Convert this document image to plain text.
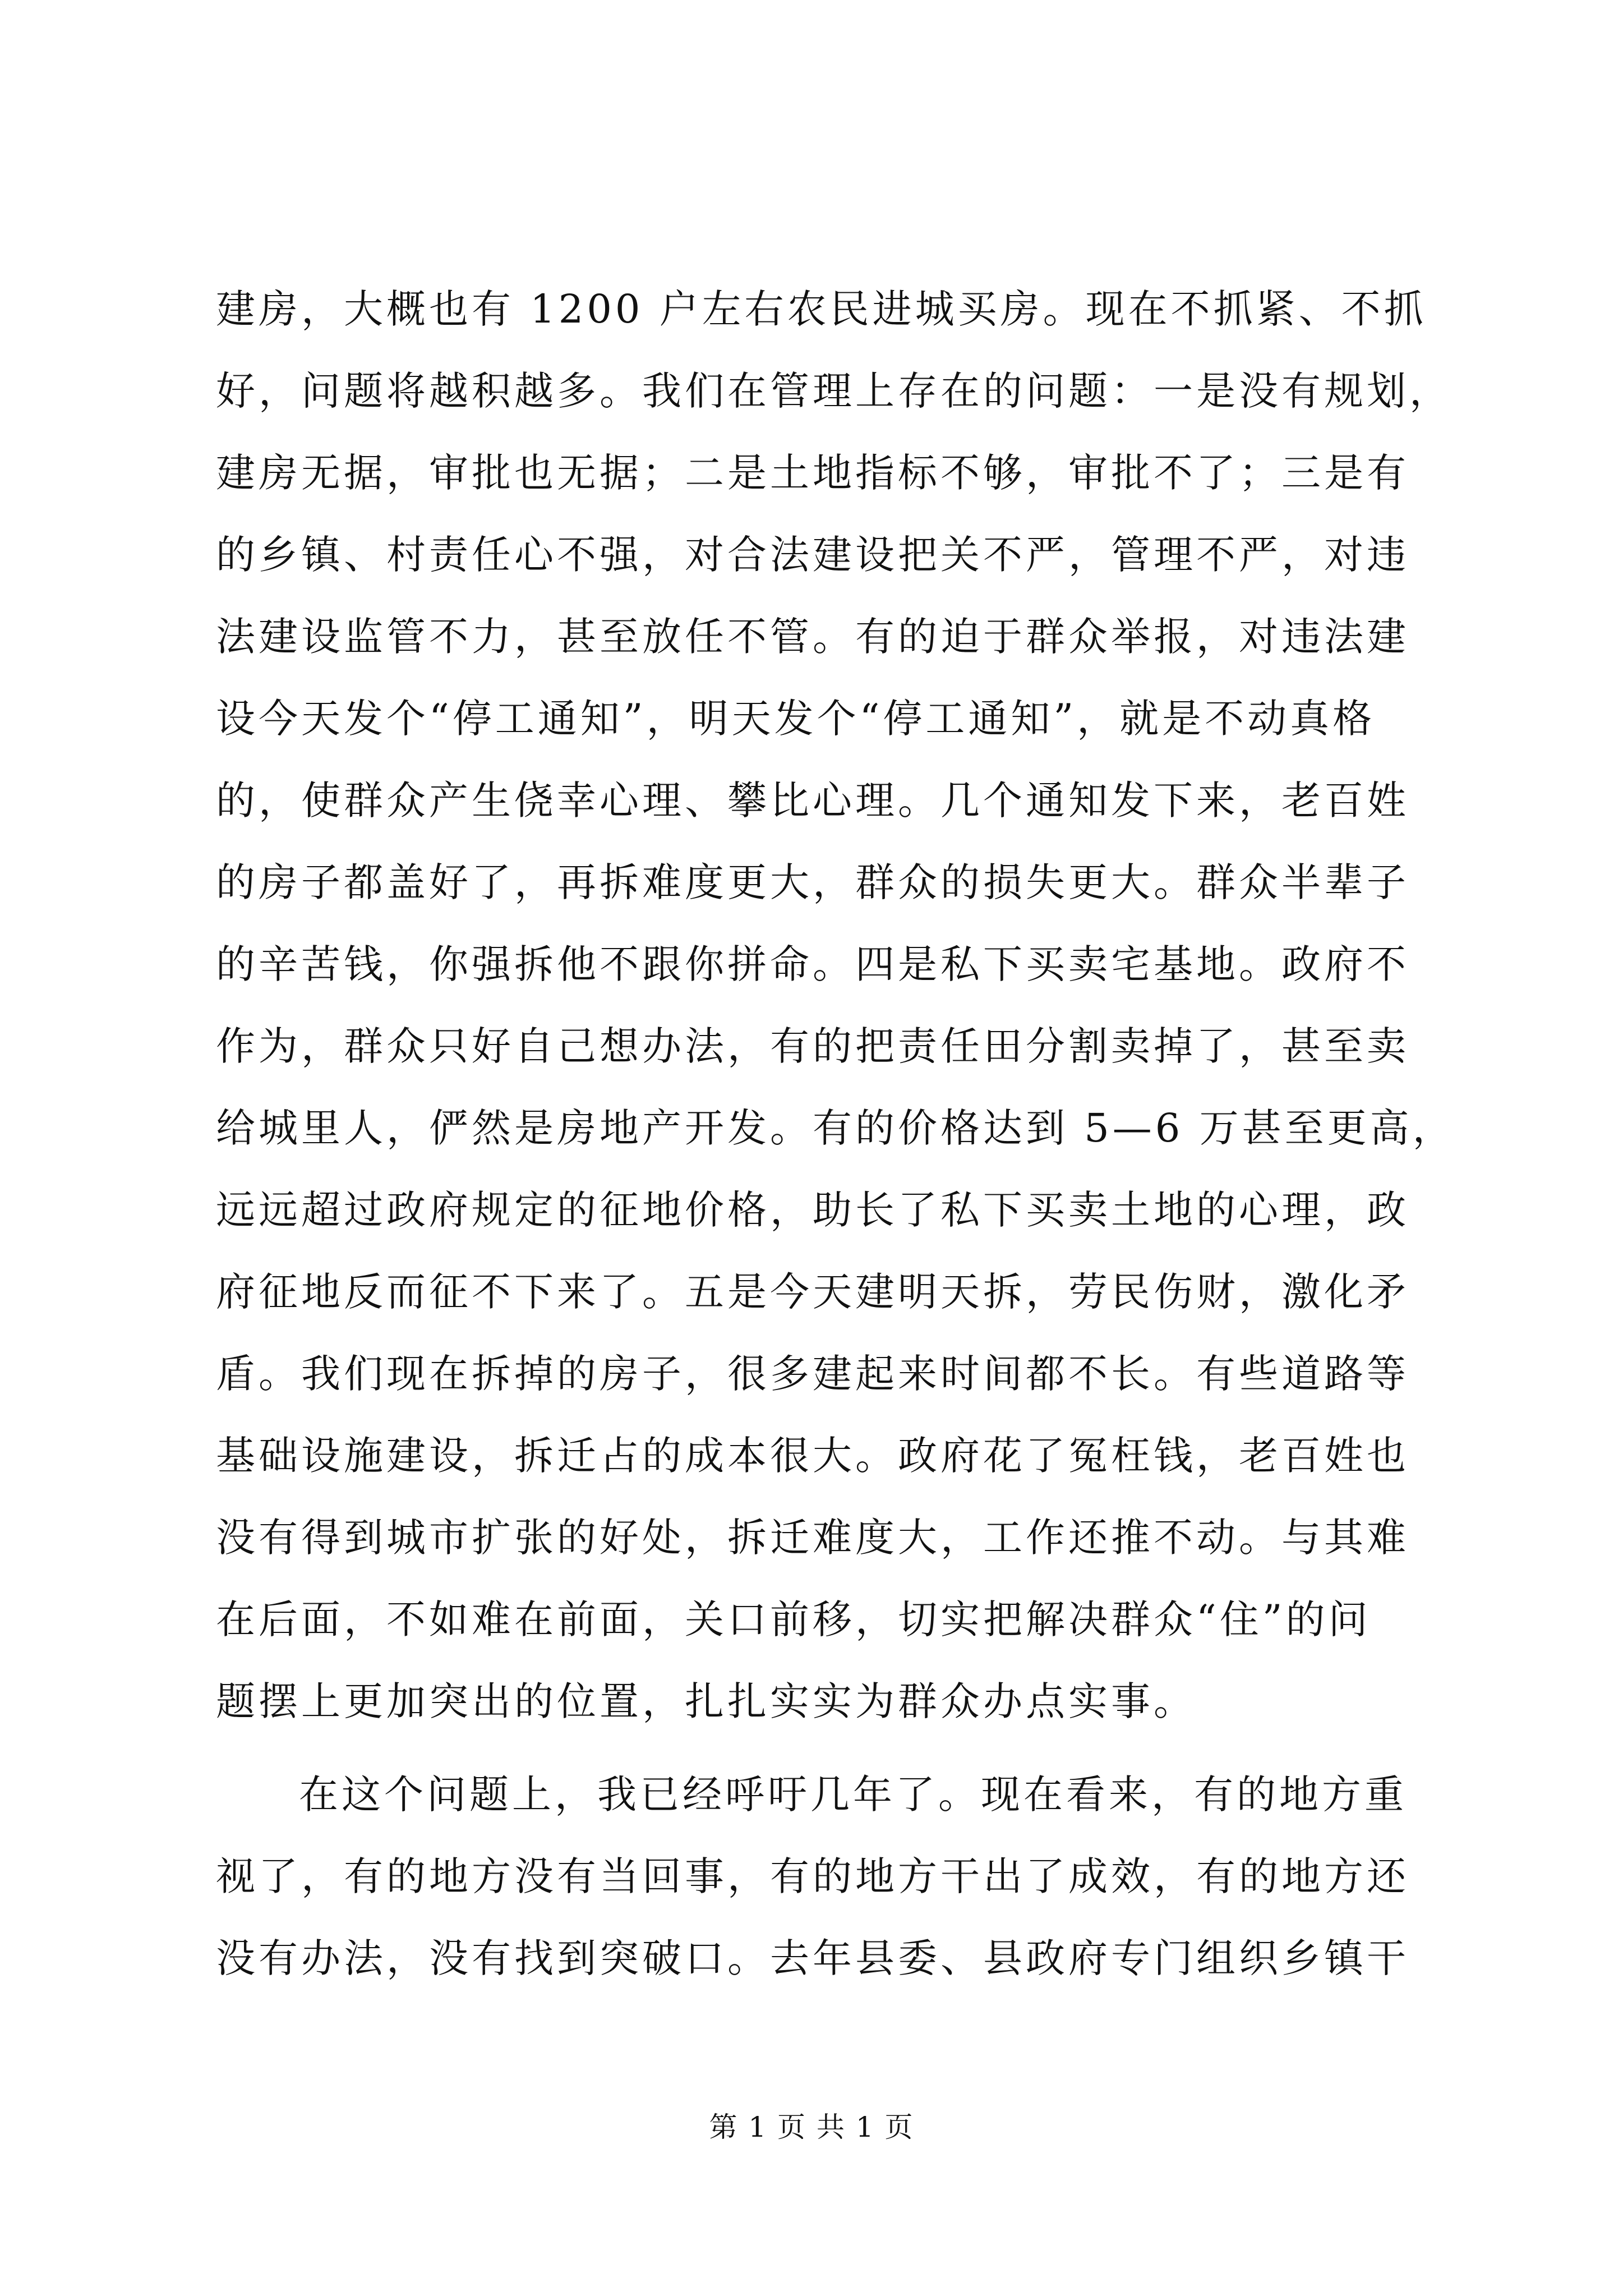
建房，大概也有 1200 户左右农民进城买房。现在不抓紧、不抓
好，问题将越积越多。我们在管理上存在的问题：一是没有规划，
建房无据，审批也无据；二是土地指标不够，审批不了；三是有
的乡镇、村责任心不强，对合法建设把关不严，管理不严，对违
法建设监管不力，甚至放任不管。有的迫于群众举报，对违法建
设今天发个“停工通知”，明天发个“停工通知”，就是不动真格
的，使群众产生侥幸心理、攀比心理。几个通知发下来，老百姓
的房子都盖好了，再拆难度更大，群众的损失更大。群众半辈子
的辛苦钱，你强拆他不跟你拼命。四是私下买卖宅基地。政府不
作为，群众只好自己想办法，有的把责任田分割卖掉了，甚至卖
给城里人，俨然是房地产开发。有的价格达到 5—6 万甚至更高，
远远超过政府规定的征地价格，助长了私下买卖土地的心理，政
府征地反而征不下来了。五是今天建明天拆，劳民伤财，激化矛
盾。我们现在拆掉的房子，很多建起来时间都不长。有些道路等
基础设施建设，拆迁占的成本很大。政府花了冤枉钱，老百姓也
没有得到城市扩张的好处，拆迁难度大，工作还推不动。与其难
在后面，不如难在前面，关口前移，切实把解决群众“住”的问
题摆上更加突出的位置，扎扎实实为群众办点实事。
在这个问题上，我已经呼吁几年了。现在看来，有的地方重
视了，有的地方没有当回事，有的地方干出了成效，有的地方还
没有办法，没有找到突破口。去年县委、县政府专门组织乡镇干
第 1 页 共 1 页
